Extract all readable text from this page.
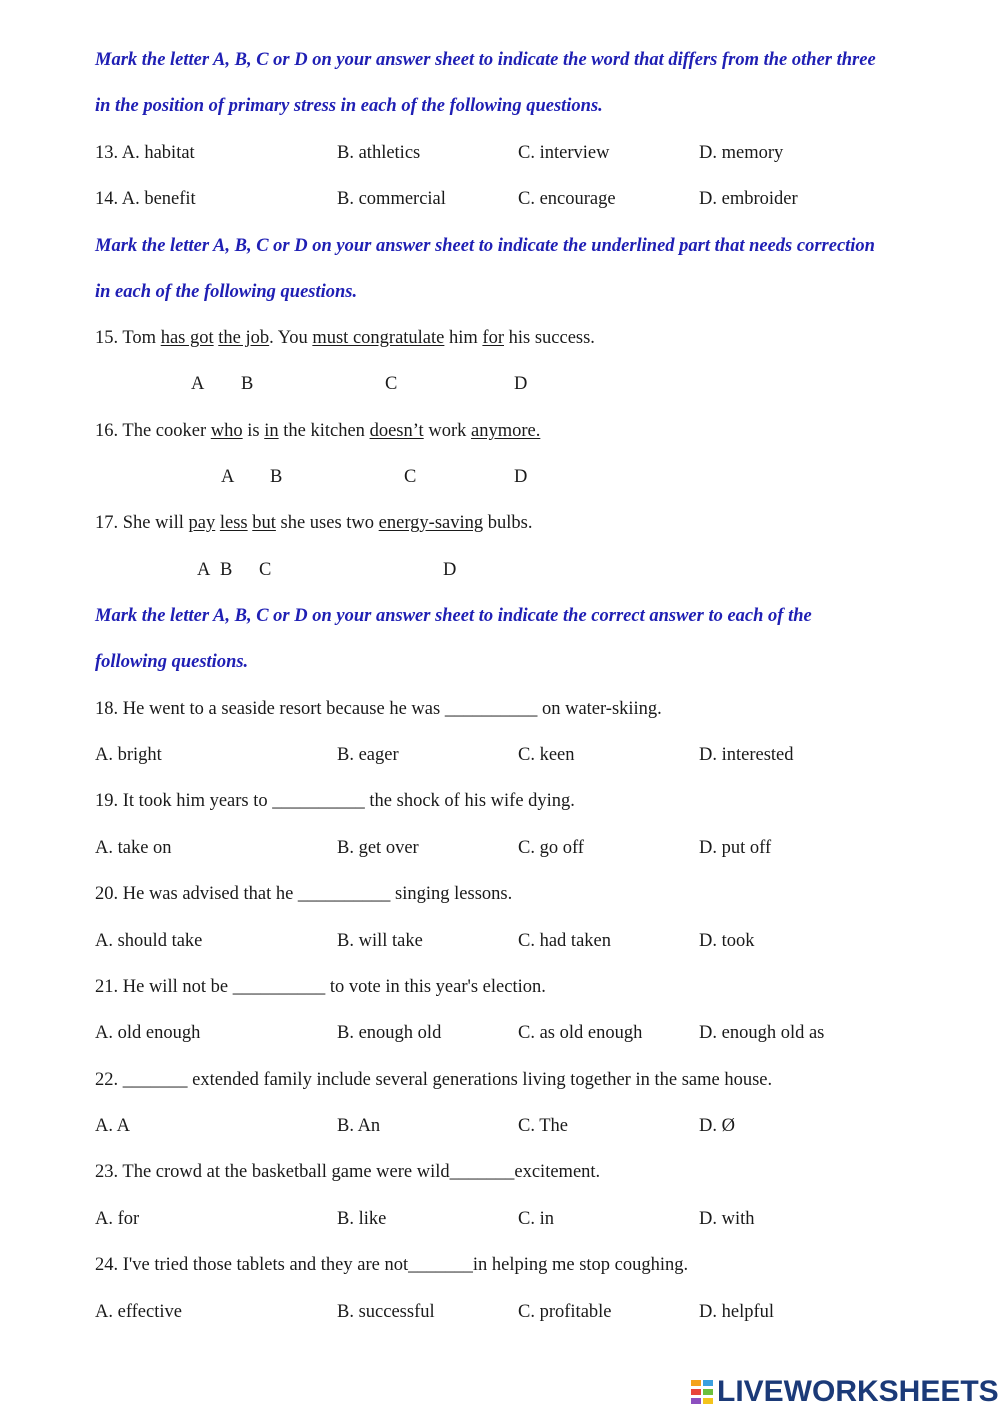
Mark the letter A, B, C or D on your answer sheet to indicate the word that differs from the other three
in the position of primary stress in each of the following questions.
13. A. habitat	B. athletics	C. interview	D. memory
14. A. benefit	B. commercial	C. encourage	D. embroider
Mark the letter A, B, C or D on your answer sheet to indicate the underlined part that needs correction
in each of the following questions.
15. Tom has got the job. You must congratulate him for his success.
A B	C	D
16. The cooker who is in the kitchen doesn’t work anymore.
A B	C	D
17. She will pay less but she uses two energy-saving bulbs.
A B C	D
Mark the letter A, B, C or D on your answer sheet to indicate the correct answer to each of the
following questions.
18. He went to a seaside resort because he was __________ on water-skiing.
A. bright	B. eager	C. keen	D. interested
19. It took him years to __________ the shock of his wife dying.
A. take on	B. get over	C. go off	D. put off
20. He was advised that he __________ singing lessons.
A. should take	B. will take	C. had taken	D. took
21. He will not be __________ to vote in this year's election.
A. old enough	B. enough old	C. as old enough	D. enough old as
22. _______ extended family include several generations living together in the same house.
A. A	B. An	C. The	D. Ø
23. The crowd at the basketball game were wild_______excitement.
A. for	B. like	C. in	D. with
24. I've tried those tablets and they are not_______in helping me stop coughing.
A. effective	B. successful	C. profitable	D. helpful
LIVEWORKSHEETS
